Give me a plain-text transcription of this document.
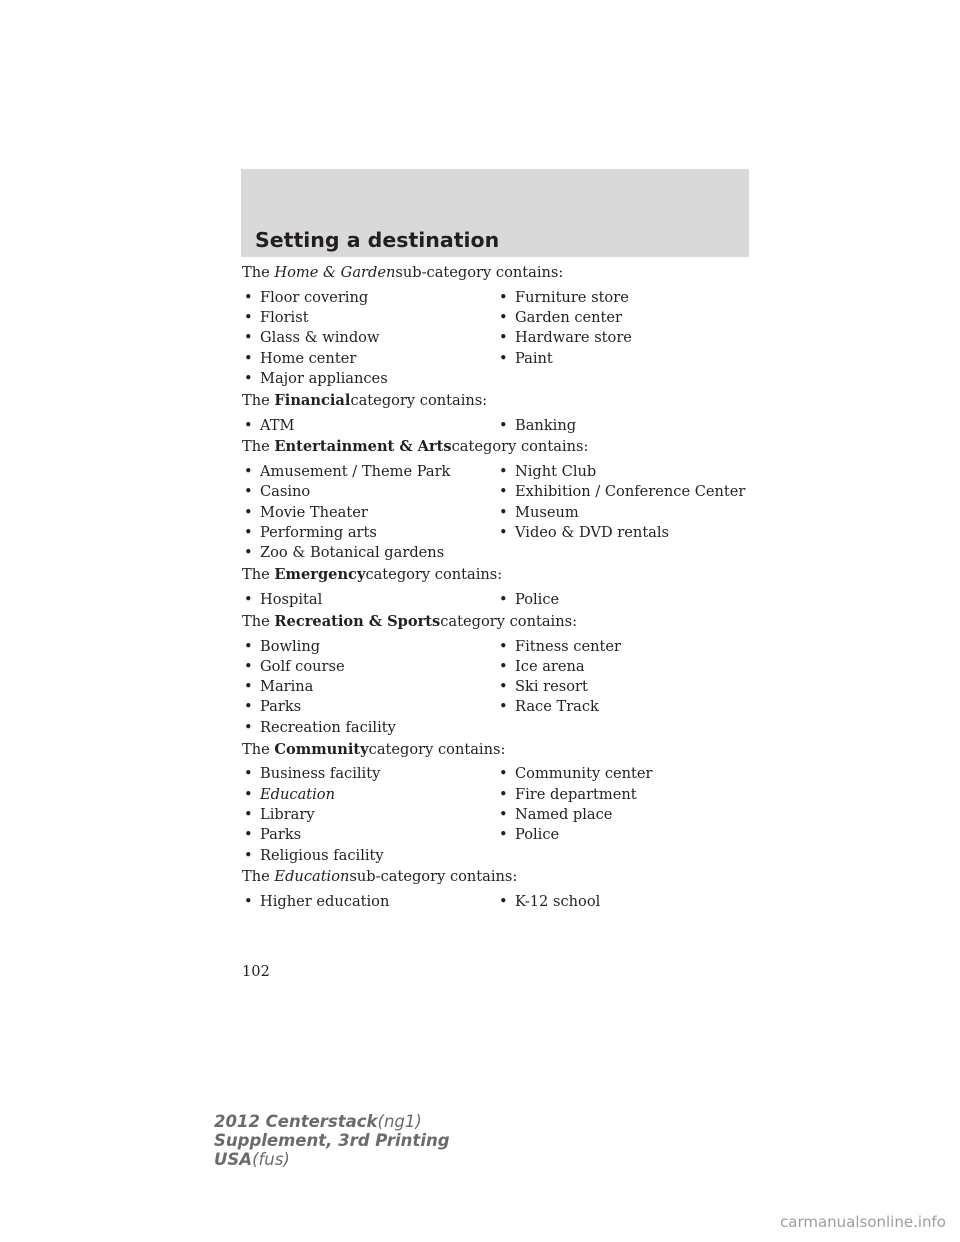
Setting a destination

The Home & Gardensub-category contains:

• Floor covering
• Florist
• Glass & window
• Home center
• Major appliances
• Furniture store
• Garden center
• Hardware store
• Paint

The Financialcategory contains:

• ATM	• Banking

The Entertainment & Artscategory contains:

• Amusement / Theme Park
• Casino
• Movie Theater
• Performing arts
• Zoo & Botanical gardens
• Night Club
• Exhibition / Conference Center
• Museum
• Video & DVD rentals

The Emergencycategory contains:

• Hospital	• Police

The Recreation & Sportscategory contains:

• Bowling
• Golf course
• Marina
• Parks
• Recreation facility
• Fitness center
• Ice arena
• Ski resort
• Race Track

The Communitycategory contains:

• Business facility
• Education
• Library
• Parks
• Religious facility
• Community center
• Fire department
• Named place
• Police

The Educationsub-category contains:

• Higher education	• K-12 school
102
2012 Centerstack(ng1)
Supplement, 3rd Printing
USA(fus)
carmanualsonline.info
